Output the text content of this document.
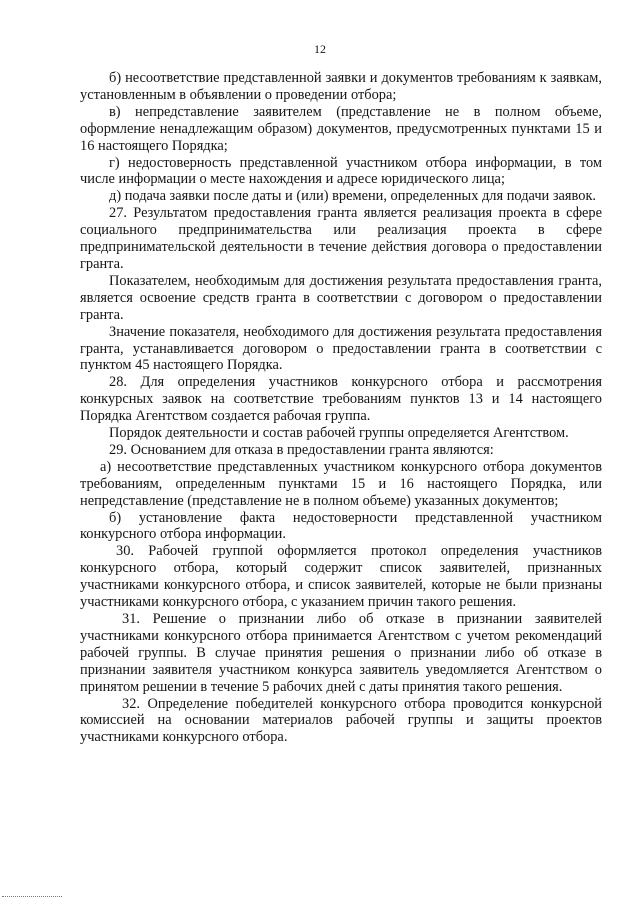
12

б) несоответствие представленной заявки и документов требованиям к заявкам, установленным в объявлении о проведении отбора;

в) непредставление заявителем (представление не в полном объеме, оформление ненадлежащим образом) документов, предусмотренных пунктами 15 и 16 настоящего Порядка;

г) недостоверность представленной участником отбора информации, в том числе информации о месте нахождения и адресе юридического лица;

д) подача заявки после даты и (или) времени, определенных для подачи заявок.

27. Результатом предоставления гранта является реализация проекта в сфере социального предпринимательства или реализация проекта в сфере предпринимательской деятельности в течение действия договора о предоставлении гранта.

Показателем, необходимым для достижения результата предоставления гранта, является освоение средств гранта в соответствии с договором о предоставлении гранта.

Значение показателя, необходимого для достижения результата предоставления гранта, устанавливается договором о предоставлении гранта в соответствии с пунктом 45 настоящего Порядка.

28. Для определения участников конкурсного отбора и рассмотрения конкурсных заявок на соответствие требованиям пунктов 13 и 14 настоящего Порядка Агентством создается рабочая группа.

Порядок деятельности и состав рабочей группы определяется Агентством.

29. Основанием для отказа в предоставлении гранта являются:

а) несоответствие представленных участником конкурсного отбора документов требованиям, определенным пунктами 15 и 16 настоящего Порядка, или непредставление (представление не в полном объеме) указанных документов;

б) установление факта недостоверности представленной участником конкурсного отбора информации.

30. Рабочей группой оформляется протокол определения участников конкурсного отбора, который содержит список заявителей, признанных участниками конкурсного отбора, и список заявителей, которые не были признаны участниками конкурсного отбора, с указанием причин такого решения.

31. Решение о признании либо об отказе в признании заявителей участниками конкурсного отбора принимается Агентством с учетом рекомендаций рабочей группы. В случае принятия решения о признании либо об отказе в признании заявителя участником конкурса заявитель уведомляется Агентством о принятом решении в течение 5 рабочих дней с даты принятия такого решения.

32. Определение победителей конкурсного отбора проводится конкурсной комиссией на основании материалов рабочей группы и защиты проектов участниками конкурсного отбора.
